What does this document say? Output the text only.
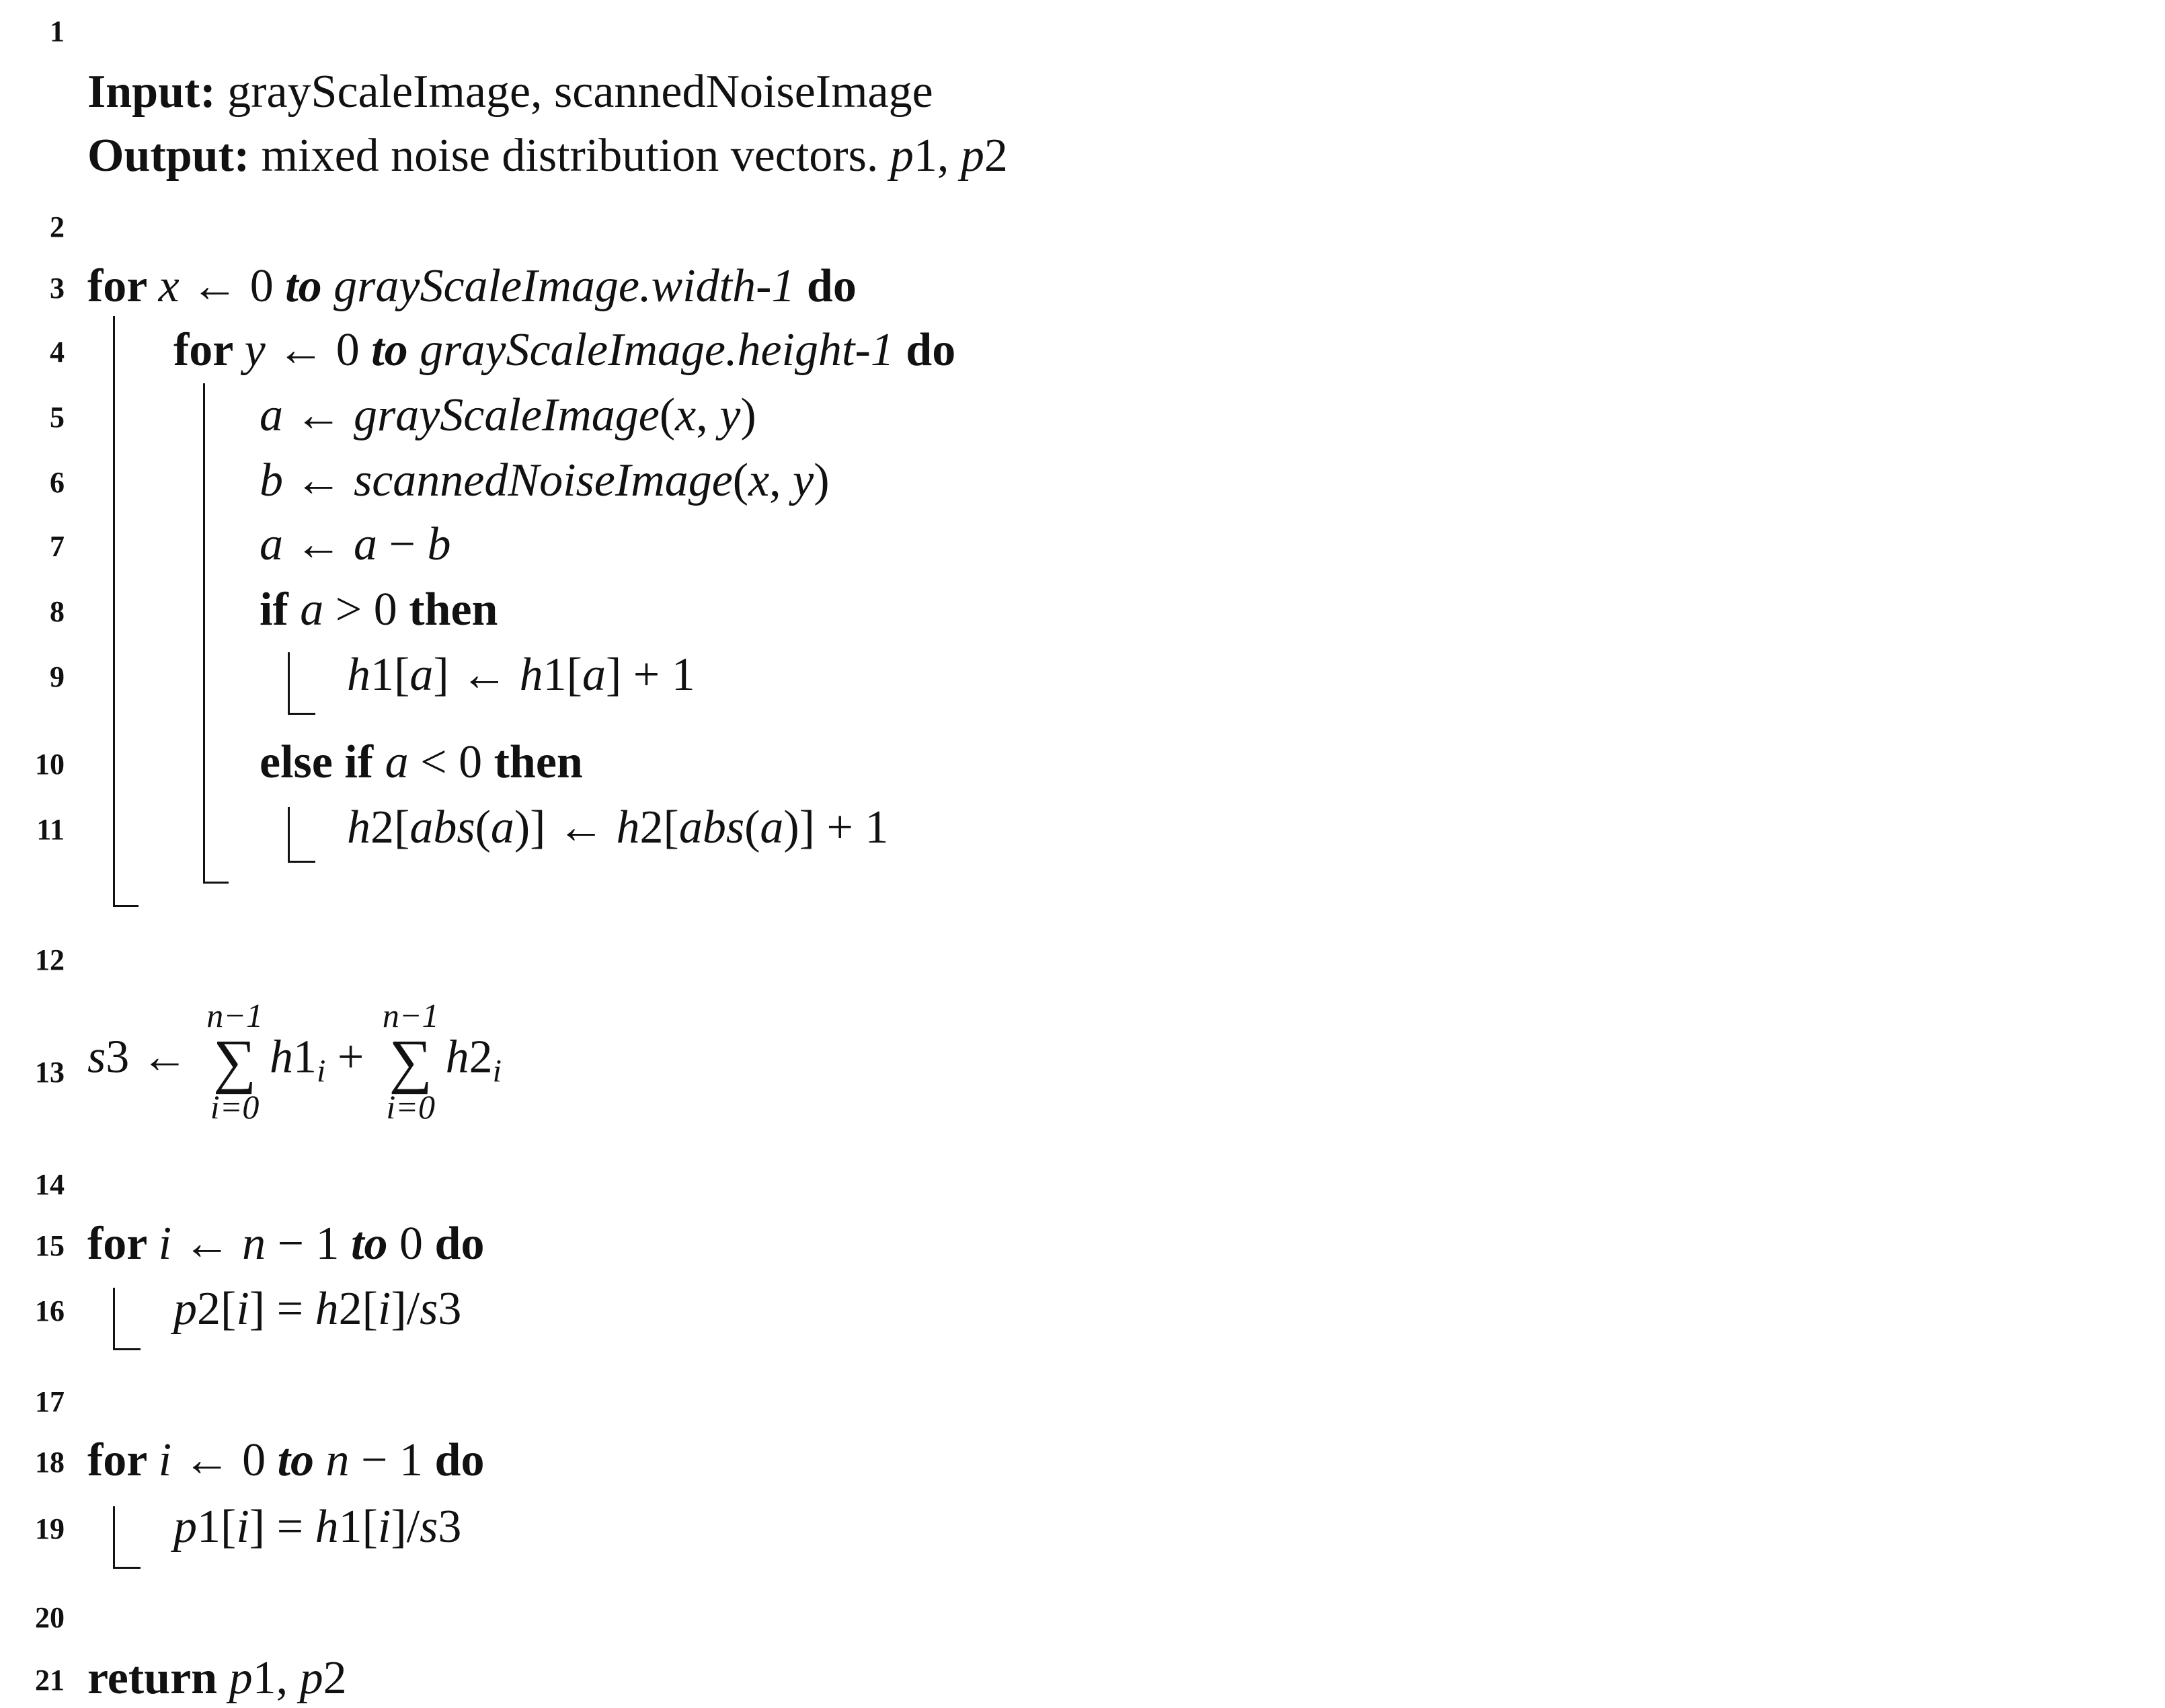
1
Input: grayScaleImage, scannedNoiseImage
Output: mixed noise distribution vectors. p1, p2
2
3 for x ← 0 to grayScaleImage.width-1 do
4 for y ← 0 to grayScaleImage.height-1 do
5	a ← grayScaleImage(x, y)
6	b ← scannedNoiseImage(x, y)
7	a ← a − b
8	if a > 0 then
9	h1[a] ← h1[a] + 1
10	else if a < 0 then
11	h2[abs(a)] ← h2[abs(a)] + 1
12
13 s3 ←
n−1
∑
i=0
$h1_i$ +
n−1
∑
i=0
$h2_i$
14
15 for i ← n − 1 to 0 do
16 p2[i] = h2[i]/s3
17
18 for i ← 0 to n − 1 do
19 p1[i] = h1[i]/s3
20
21 return p1, p2
